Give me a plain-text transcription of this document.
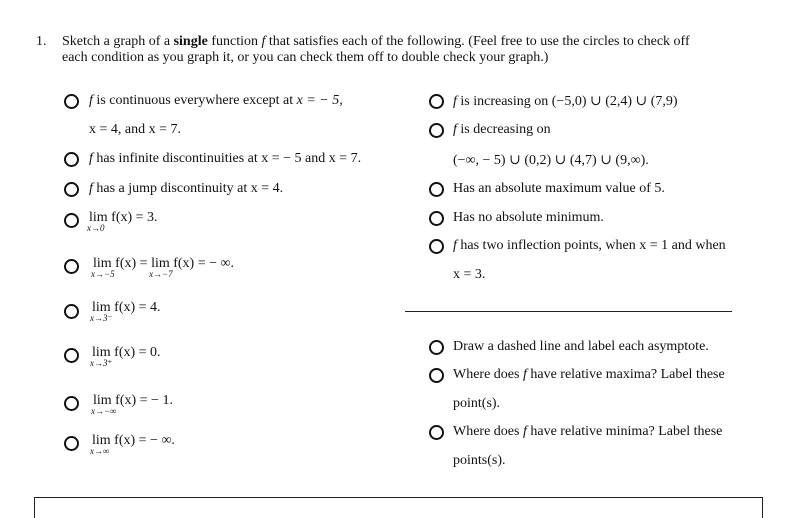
1. Sketch a graph of a single function f that satisfies each of the following. (Feel free to use the circles to check off
each condition as you graph it, or you can check them off to double check your graph.)
f is continuous everywhere except at x = − 5,
x = 4, and x = 7.
f has infinite discontinuities at x = − 5 and x = 7.
f has a jump discontinuity at x = 4.
lim
x→0
f(x) = 3.
lim
x→−5
f(x) = lim
x→−7
f(x) = − ∞.
lim
x→3⁻
f(x) = 4.
lim
x→3⁺
f(x) = 0.
lim
x→−∞
f(x) = − 1.
lim
x→∞
f(x) = − ∞.
f is increasing on (−5,0) ∪ (2,4) ∪ (7,9)
f is decreasing on
(−∞, − 5) ∪ (0,2) ∪ (4,7) ∪ (9,∞).
Has an absolute maximum value of 5.
Has no absolute minimum.
f has two inflection points, when x = 1 and when
x = 3.
Draw a dashed line and label each asymptote.
Where does f have relative maxima? Label these
point(s).
Where does f have relative minima? Label these
points(s).
